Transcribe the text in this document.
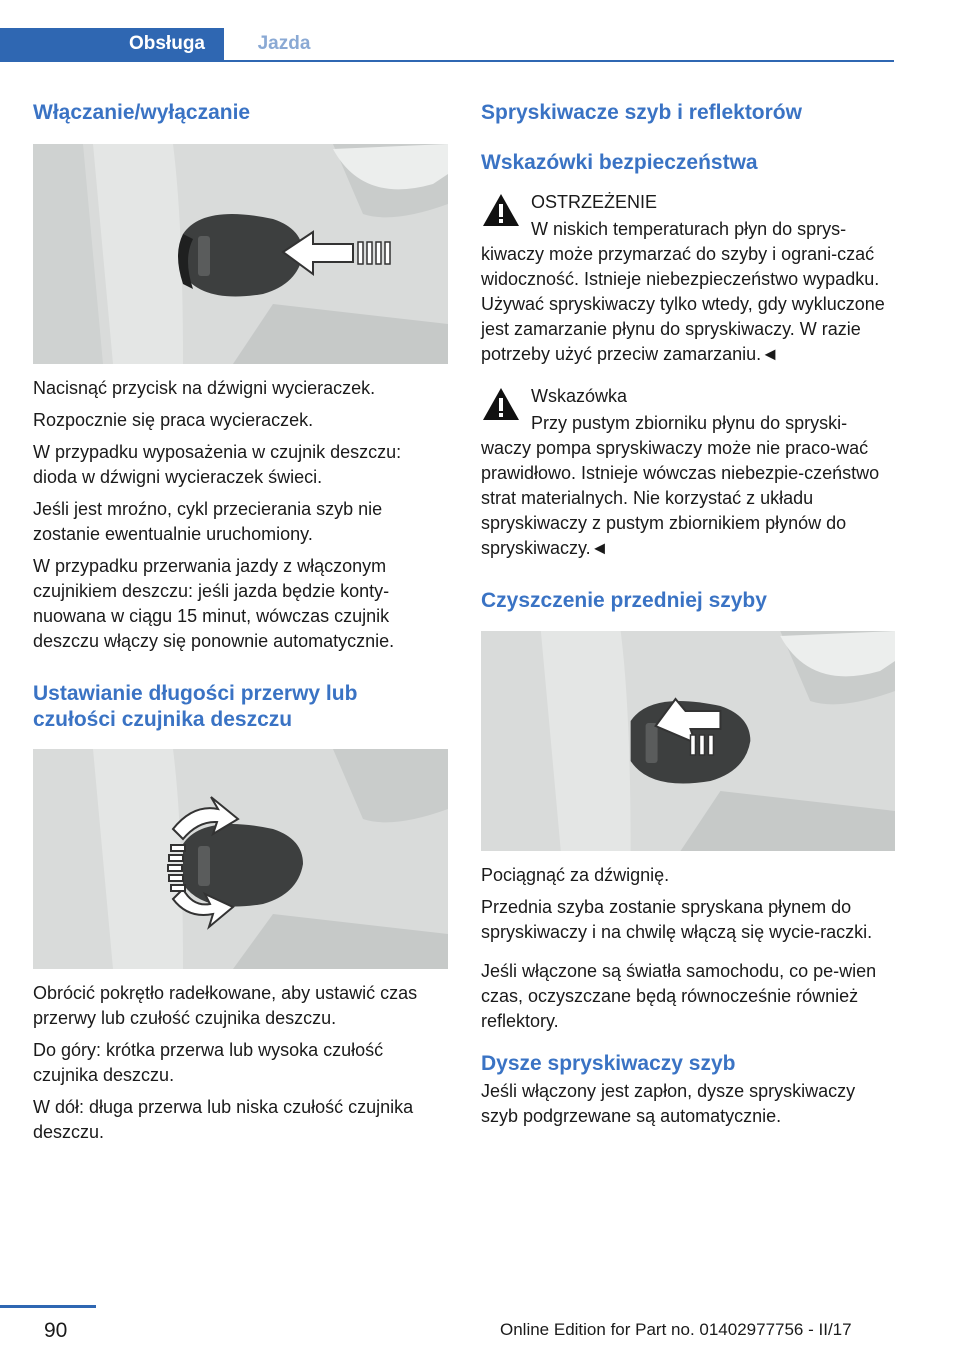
Obsługa	Jazda
Włączanie/wyłączanie

Nacisnąć przycisk na dźwigni wycieraczek.

Rozpocznie się praca wycieraczek.

W przypadku wyposażenia w czujnik deszczu: dioda w dźwigni wycieraczek świeci.

Jeśli jest mroźno, cykl przecierania szyb nie zostanie ewentualnie uruchomiony.

W przypadku przerwania jazdy z włączonym czujnikiem deszczu: jeśli jazda będzie konty-nuowana w ciągu 15 minut, wówczas czujnik deszczu włączy się ponownie automatycznie.

Ustawianie długości przerwy lub czułości czujnika deszczu

Obrócić pokrętło radełkowane, aby ustawić czas przerwy lub czułość czujnika deszczu.

Do góry: krótka przerwa lub wysoka czułość czujnika deszczu.

W dół: długa przerwa lub niska czułość czujnika deszczu.

Spryskiwacze szyb i reflektorów
Wskazówki bezpieczeństwa
OSTRZEŻENIE
W niskich temperaturach płyn do sprys-kiwaczy może przymarzać do szyby i ograni-czać widoczność. Istnieje niebezpieczeństwo wypadku. Używać spryskiwaczy tylko wtedy, gdy wykluczone jest zamarzanie płynu do spryskiwaczy. W razie potrzeby użyć przeciw zamarzaniu.◄
Wskazówka
Przy pustym zbiorniku płynu do spryski-waczy pompa spryskiwaczy może nie praco-wać prawidłowo. Istnieje wówczas niebezpie-czeństwo strat materialnych. Nie korzystać z układu spryskiwaczy z pustym zbiornikiem płynów do spryskiwaczy.◄
Czyszczenie przedniej szyby

Pociągnąć za dźwignię.

Przednia szyba zostanie spryskana płynem do spryskiwaczy i na chwilę włączą się wycie-raczki.

Jeśli włączone są światła samochodu, co pe-wien czas, oczyszczane będą równocześnie również reflektory.

Dysze spryskiwaczy szyb

Jeśli włączony jest zapłon, dysze spryskiwaczy szyb podgrzewane są automatycznie.

90	Online Edition for Part no. 01402977756 - II/17
